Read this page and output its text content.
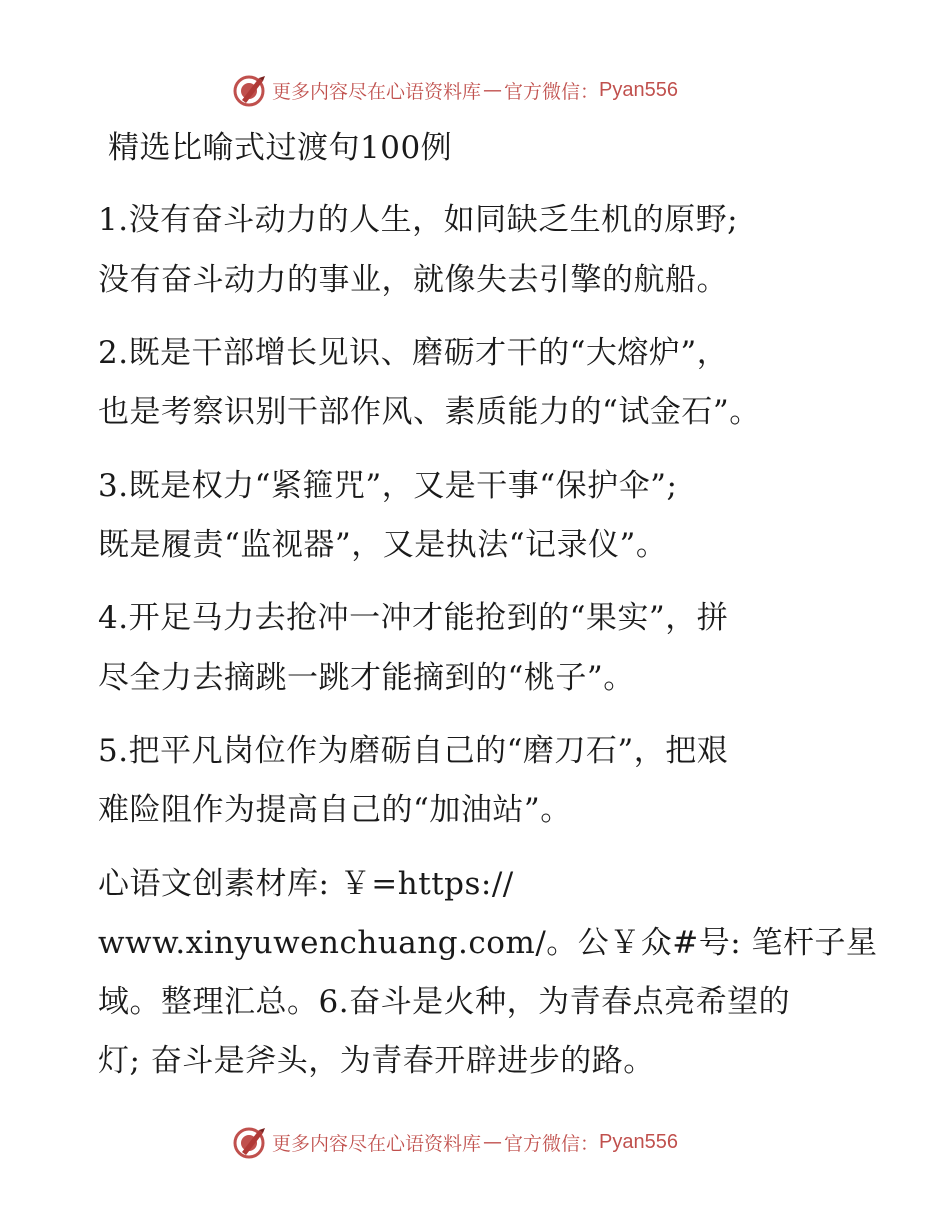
更多内容尽在心语资料库 — 官方微信： Pyan556
精选比喻式过渡句100例
1.没有奋斗动力的人生，如同缺乏生机的原野;
没有奋斗动力的事业，就像失去引擎的航船。
2.既是干部增长见识、磨砺才干的“大熔炉”，
也是考察识别干部作风、素质能力的“试金石”。
3.既是权力“紧箍咒”，又是干事“保护伞”;
既是履责“监视器”，又是执法“记录仪”。
4.开足马力去抢冲一冲才能抢到的“果实”，拼
尽全力去摘跳一跳才能摘到的“桃子”。
5.把平凡岗位作为磨砺自己的“磨刀石”，把艰
难险阻作为提高自己的“加油站”。
心语文创素材库: ￥=https://
www.xinyuwenchuang.com/。公￥众#号: 笔杆子星
域。整理汇总。6.奋斗是火种，为青春点亮希望的
灯; 奋斗是斧头，为青春开辟进步的路。
更多内容尽在心语资料库 — 官方微信： Pyan556
